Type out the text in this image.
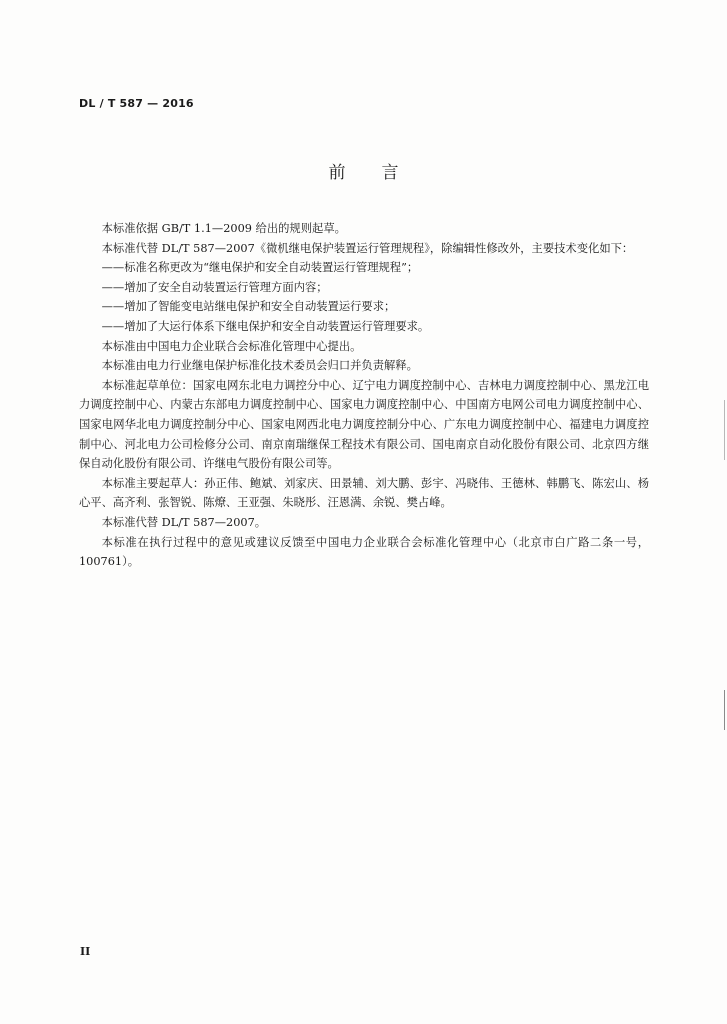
DL / T 587 — 2016
前言

本标准依据 GB/T 1.1—2009 给出的规则起草。

本标准代替 DL/T 587—2007《微机继电保护装置运行管理规程》，除编辑性修改外，主要技术变化如下：

——标准名称更改为“继电保护和安全自动装置运行管理规程”；

——增加了安全自动装置运行管理方面内容；

——增加了智能变电站继电保护和安全自动装置运行要求；

——增加了大运行体系下继电保护和安全自动装置运行管理要求。

本标准由中国电力企业联合会标准化管理中心提出。

本标准由电力行业继电保护标准化技术委员会归口并负责解释。

本标准起草单位：国家电网东北电力调控分中心、辽宁电力调度控制中心、吉林电力调度控制中心、黑龙江电力调度控制中心、内蒙古东部电力调度控制中心、国家电力调度控制中心、中国南方电网公司电力调度控制中心、国家电网华北电力调度控制分中心、国家电网西北电力调度控制分中心、广东电力调度控制中心、福建电力调度控制中心、河北电力公司检修分公司、南京南瑞继保工程技术有限公司、国电南京自动化股份有限公司、北京四方继保自动化股份有限公司、许继电气股份有限公司等。

本标准主要起草人：孙正伟、鲍斌、刘家庆、田景辅、刘大鹏、彭宇、冯晓伟、王德林、韩鹏飞、陈宏山、杨心平、高齐利、张智锐、陈燎、王亚强、朱晓彤、汪恩满、余锐、樊占峰。

本标准代替 DL/T 587—2007。

本标准在执行过程中的意见或建议反馈至中国电力企业联合会标准化管理中心（北京市白广路二条一号，100761）。

II
